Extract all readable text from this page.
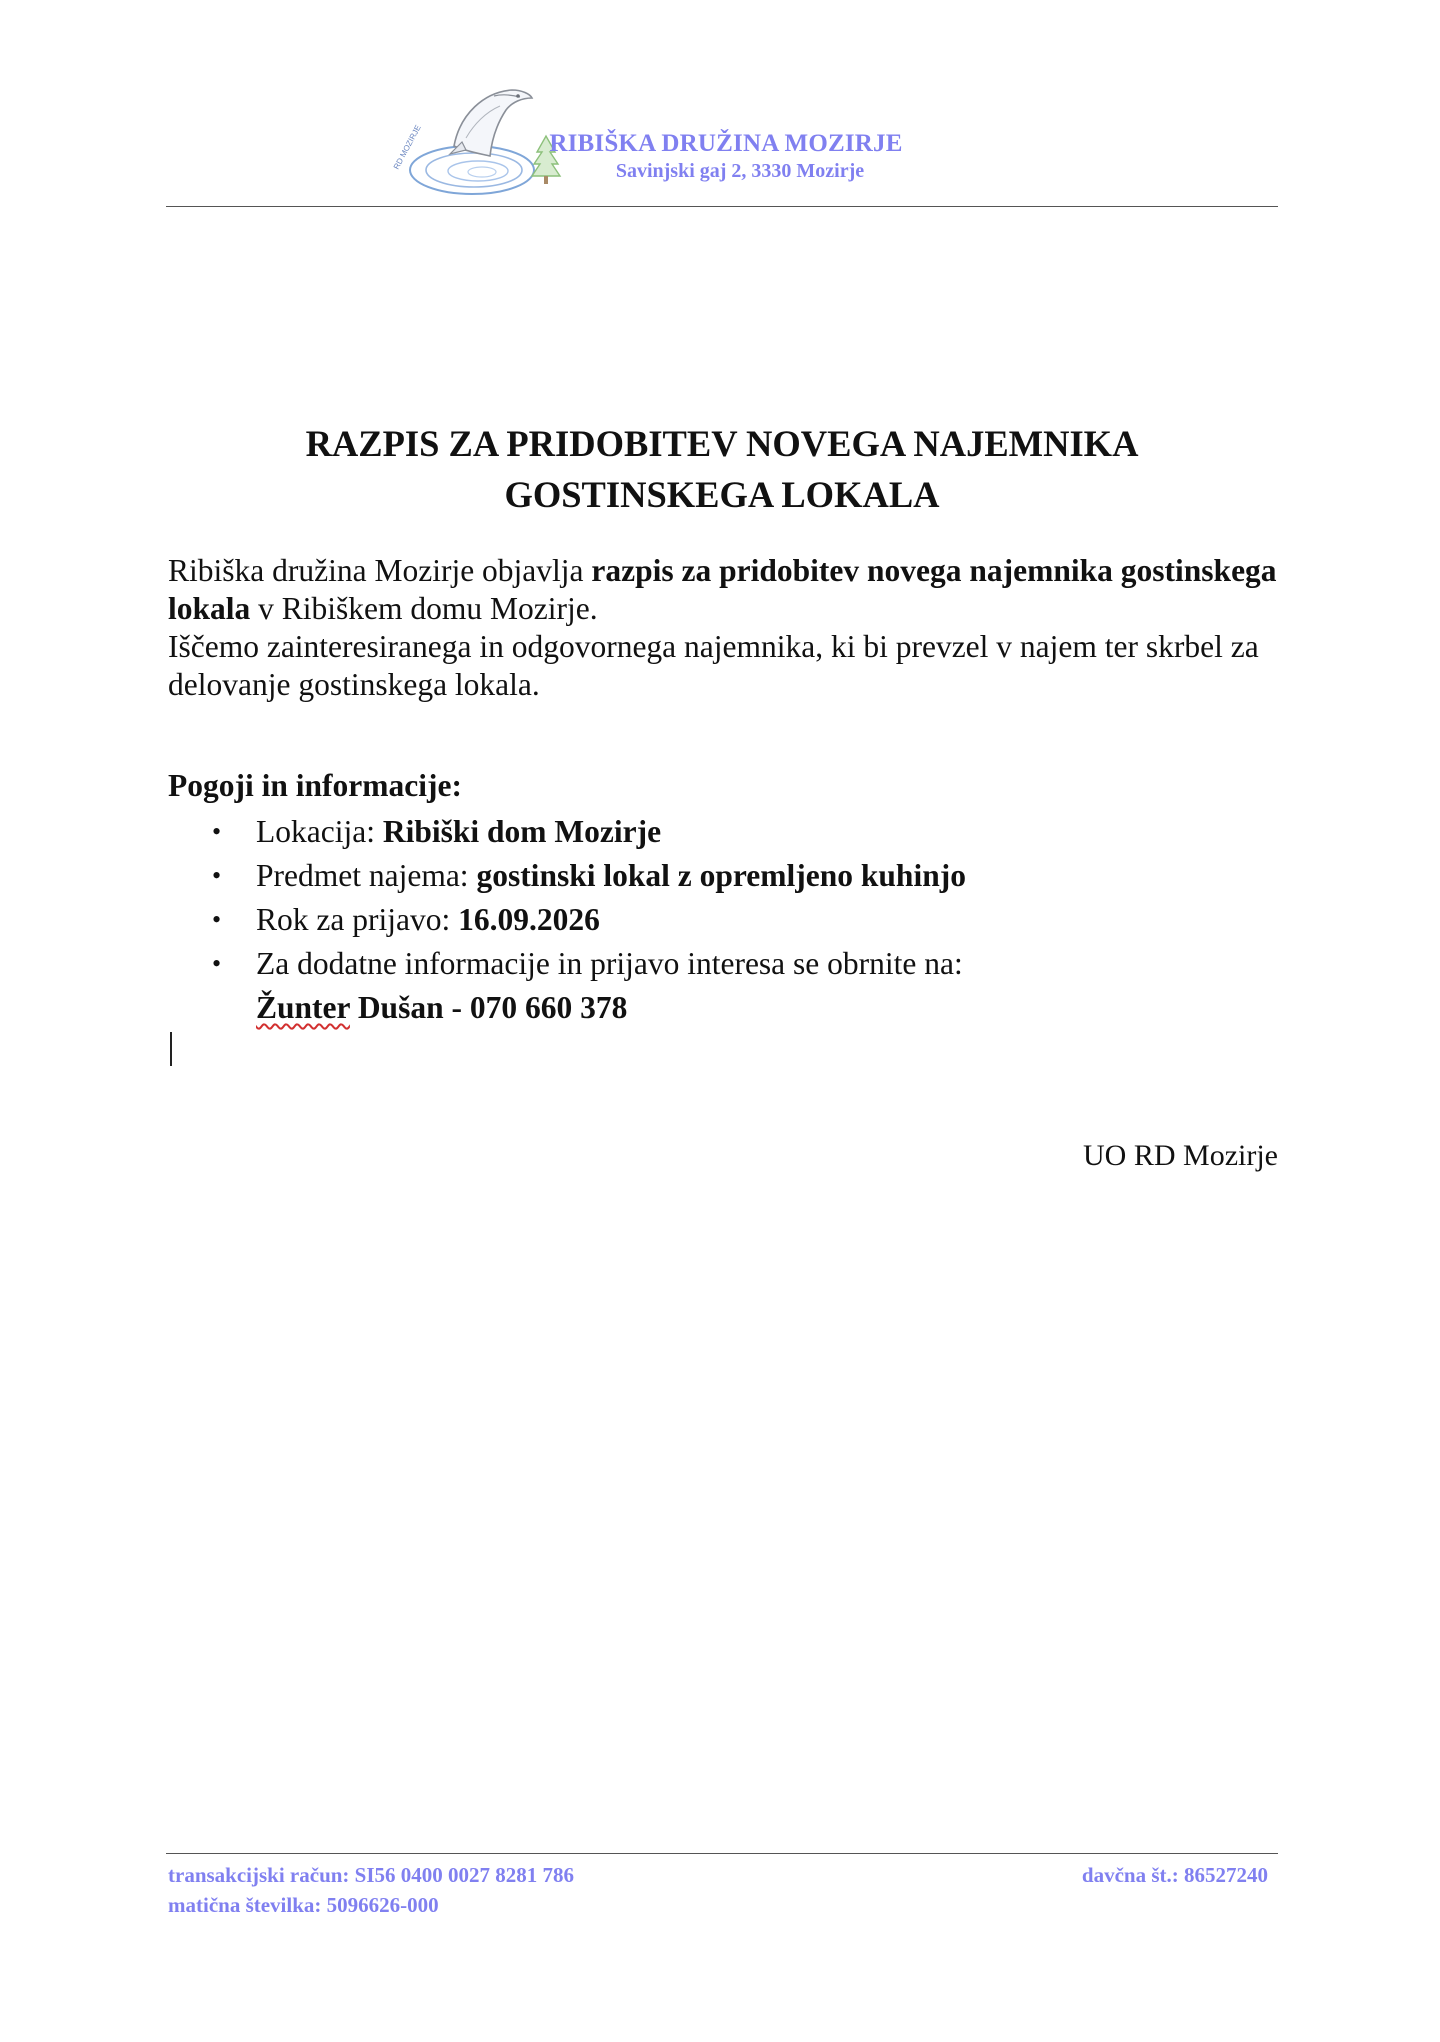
RD MOZIRJE	RIBIŠKA DRUŽINA MOZIRJE
Savinjski gaj 2, 3330 Mozirje
RAZPIS ZA PRIDOBITEV NOVEGA NAJEMNIKA
GOSTINSKEGA LOKALA
Ribiška družina Mozirje objavlja razpis za pridobitev novega najemnika gostinskega lokala v Ribiškem domu Mozirje.
Iščemo zainteresiranega in odgovornega najemnika, ki bi prevzel v najem ter skrbel za delovanje gostinskega lokala.
Pogoji in informacije:
• Lokacija: Ribiški dom Mozirje
• Predmet najema: gostinski lokal z opremljeno kuhinjo
• Rok za prijavo: 16.09.2026
• Za dodatne informacije in prijavo interesa se obrnite na:
Žunter Dušan - 070 660 378
UO RD Mozirje
transakcijski račun: SI56 0400 0027 8281 786
matična številka: 5096626-000
davčna št.: 86527240
